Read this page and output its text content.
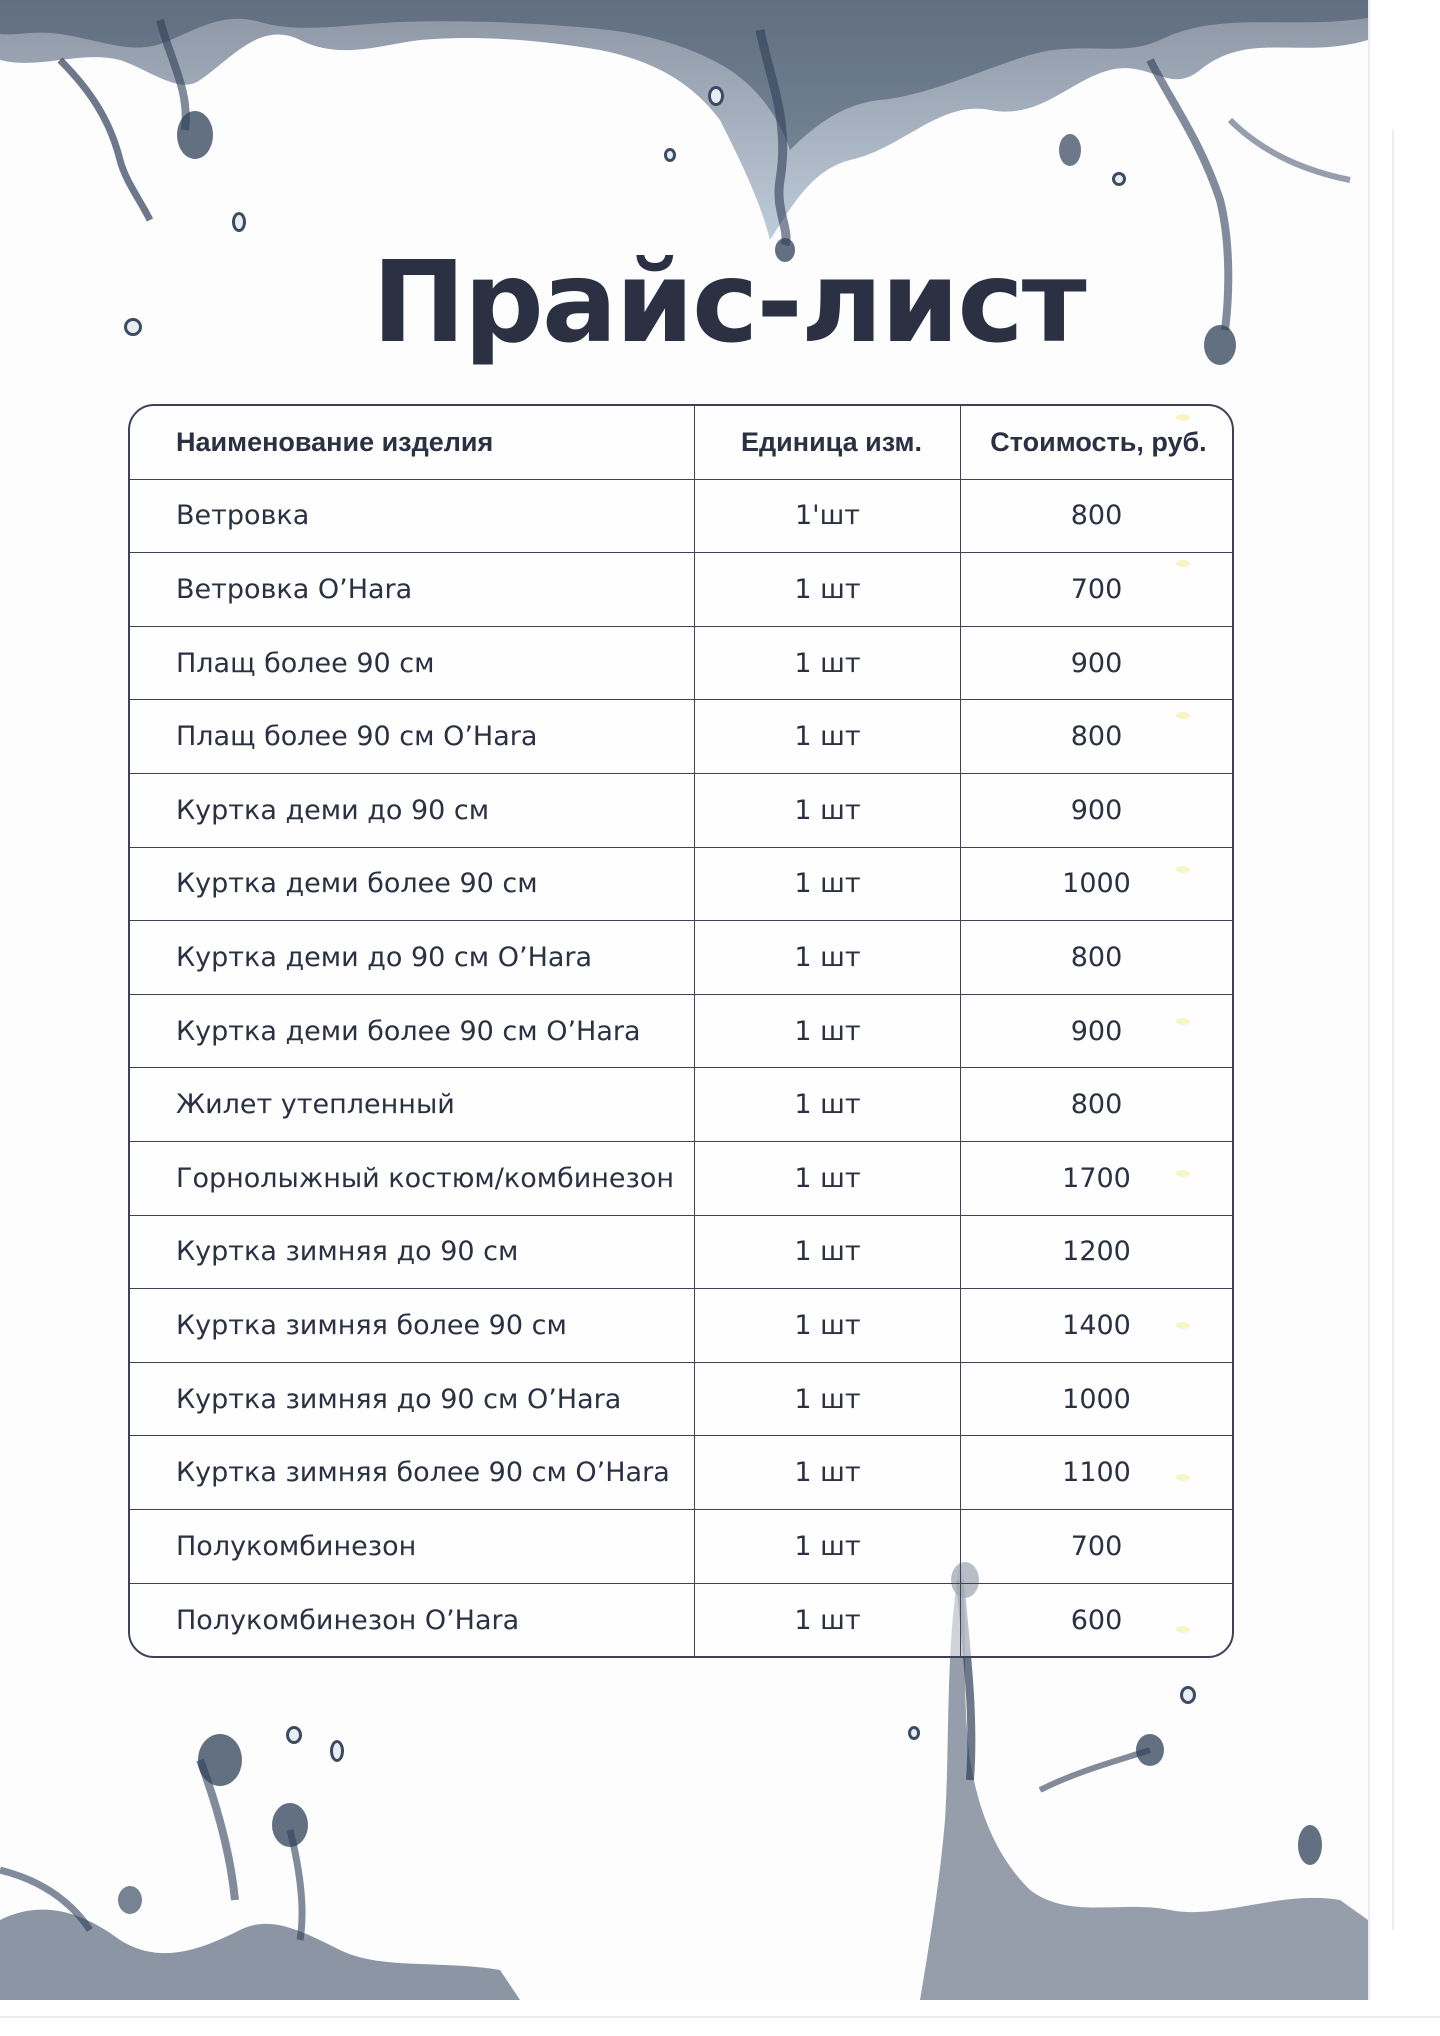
Прайс-лист
Наименование изделия	Единица изм.	Стоимость, руб.
Ветровка	1'шт	800
Ветровка O’Hara	1 шт	700
Плащ более 90 см	1 шт	900
Плащ более 90 см O’Hara	1 шт	800
Куртка деми до 90 см	1 шт	900
Куртка деми более 90 см	1 шт	1000
Куртка деми до 90 см O’Hara	1 шт	800
Куртка деми более 90 см O’Hara	1 шт	900
Жилет утепленный	1 шт	800
Горнолыжный костюм/комбинезон	1 шт	1700
Куртка зимняя до 90 см	1 шт	1200
Куртка зимняя более 90 см	1 шт	1400
Куртка зимняя до 90 см O’Hara	1 шт	1000
Куртка зимняя более 90 см O’Hara	1 шт	1100
Полукомбинезон	1 шт	700
Полукомбинезон O’Hara	1 шт	600
